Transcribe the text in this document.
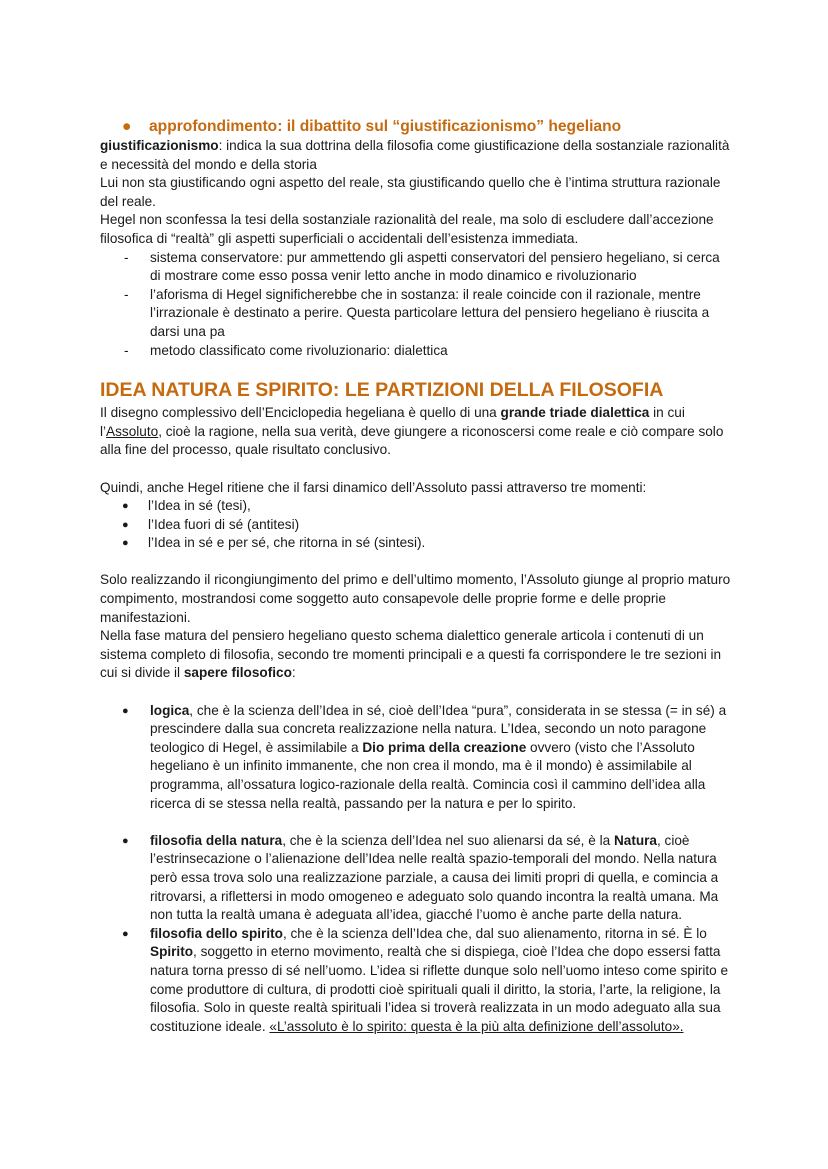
●	approfondimento: il dibattito sul “giustificazionismo” hegeliano

giustificazionismo: indica la sua dottrina della filosofia come giustificazione della sostanziale razionalità e necessità del mondo e della storia

Lui non sta giustificando ogni aspetto del reale, sta giustificando quello che è l’intima struttura razionale del reale.

Hegel non sconfessa la tesi della sostanziale razionalità del reale, ma solo di escludere dall’accezione filosofica di “realtà” gli aspetti superficiali o accidentali dell’esistenza immediata.

-	sistema conservatore: pur ammettendo gli aspetti conservatori del pensiero hegeliano, si cerca di mostrare come esso possa venir letto anche in modo dinamico e rivoluzionario
-	l’aforisma di Hegel significherebbe che in sostanza: il reale coincide con il razionale, mentre l’irrazionale è destinato a perire. Questa particolare lettura del pensiero hegeliano è riuscita a darsi una pa
-	metodo classificato come rivoluzionario: dialettica
IDEA NATURA E SPIRITO: LE PARTIZIONI DELLA FILOSOFIA

Il disegno complessivo dell’Enciclopedia hegeliana è quello di una grande triade dialettica in cui l’Assoluto, cioè la ragione, nella sua verità, deve giungere a riconoscersi come reale e ciò compare solo alla fine del processo, quale risultato conclusivo.

Quindi, anche Hegel ritiene che il farsi dinamico dell’Assoluto passi attraverso tre momenti:

●	l’Idea in sé (tesi),
●	l’Idea fuori di sé (antitesi)
●	l’Idea in sé e per sé, che ritorna in sé (sintesi).

Solo realizzando il ricongiungimento del primo e dell’ultimo momento, l’Assoluto giunge al proprio maturo compimento, mostrandosi come soggetto auto consapevole delle proprie forme e delle proprie manifestazioni.

Nella fase matura del pensiero hegeliano questo schema dialettico generale articola i contenuti di un sistema completo di filosofia, secondo tre momenti principali e a questi fa corrispondere le tre sezioni in cui si divide il sapere filosofico:

●	logica, che è la scienza dell’Idea in sé, cioè dell’Idea “pura”, considerata in se stessa (= in sé) a prescindere dalla sua concreta realizzazione nella natura. L’Idea, secondo un noto paragone teologico di Hegel, è assimilabile a Dio prima della creazione ovvero (visto che l’Assoluto hegeliano è un infinito immanente, che non crea il mondo, ma è il mondo) è assimilabile al programma, all’ossatura logico-razionale della realtà. Comincia così il cammino dell’idea alla ricerca di se stessa nella realtà, passando per la natura e per lo spirito.
●	filosofia della natura, che è la scienza dell’Idea nel suo alienarsi da sé, è la Natura, cioè l’estrinsecazione o l’alienazione dell’Idea nelle realtà spazio-temporali del mondo. Nella natura però essa trova solo una realizzazione parziale, a causa dei limiti propri di quella, e comincia a ritrovarsi, a riflettersi in modo omogeneo e adeguato solo quando incontra la realtà umana. Ma non tutta la realtà umana è adeguata all’idea, giacché l’uomo è anche parte della natura.
●	filosofia dello spirito, che è la scienza dell’Idea che, dal suo alienamento, ritorna in sé. È lo Spirito, soggetto in eterno movimento, realtà che si dispiega, cioè l’Idea che dopo essersi fatta natura torna presso di sé nell’uomo. L’idea si riflette dunque solo nell’uomo inteso come spirito e come produttore di cultura, di prodotti cioè spirituali quali il diritto, la storia, l’arte, la religione, la filosofia. Solo in queste realtà spirituali l’idea si troverà realizzata in un modo adeguato alla sua costituzione ideale. «L’assoluto è lo spirito: questa è la più alta definizione dell’assoluto».
